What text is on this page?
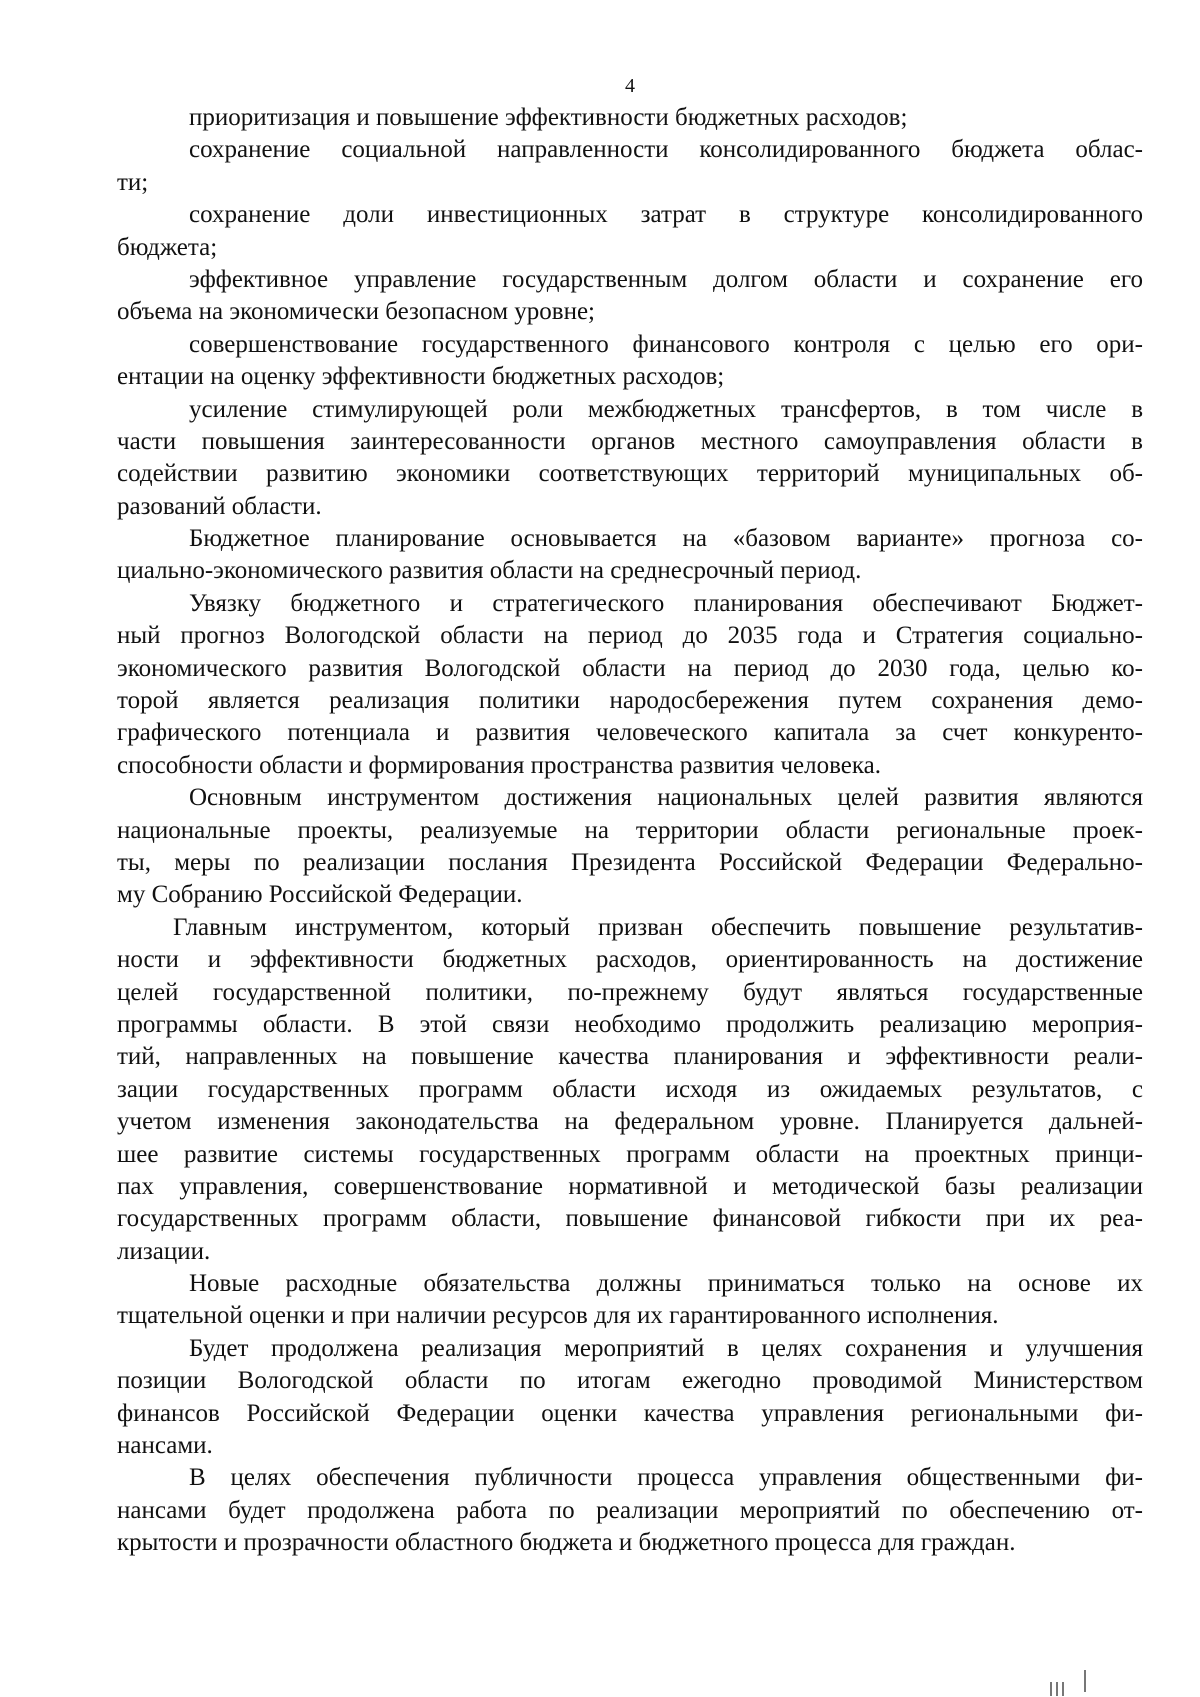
4
приоритизация и повышение эффективности бюджетных расходов;
сохранение социальной направленности консолидированного бюджета облас-
ти;
сохранение доли инвестиционных затрат в структуре консолидированного
бюджета;
эффективное управление государственным долгом области и сохранение его
объема на экономически безопасном уровне;
совершенствование государственного финансового контроля с целью его ори-
ентации на оценку эффективности бюджетных расходов;
усиление стимулирующей роли межбюджетных трансфертов, в том числе в
части повышения заинтересованности органов местного самоуправления области в
содействии развитию экономики соответствующих территорий муниципальных об-
разований области.
Бюджетное планирование основывается на «базовом варианте» прогноза со-
циально-экономического развития области на среднесрочный период.
Увязку бюджетного и стратегического планирования обеспечивают Бюджет-
ный прогноз Вологодской области на период до 2035 года и Стратегия социально-
экономического развития Вологодской области на период до 2030 года, целью ко-
торой является реализация политики народосбережения путем сохранения демо-
графического потенциала и развития человеческого капитала за счет конкуренто-
способности области и формирования пространства развития человека.
Основным инструментом достижения национальных целей развития являются
национальные проекты, реализуемые на территории области региональные проек-
ты, меры по реализации послания Президента Российской Федерации Федерально-
му Собранию Российской Федерации.
Главным инструментом, который призван обеспечить повышение результатив-
ности и эффективности бюджетных расходов, ориентированность на достижение
целей государственной политики, по-прежнему будут являться государственные
программы области. В этой связи необходимо продолжить реализацию мероприя-
тий, направленных на повышение качества планирования и эффективности реали-
зации государственных программ области исходя из ожидаемых результатов, с
учетом изменения законодательства на федеральном уровне. Планируется дальней-
шее развитие системы государственных программ области на проектных принци-
пах управления, совершенствование нормативной и методической базы реализации
государственных программ области, повышение финансовой гибкости при их реа-
лизации.
Новые расходные обязательства должны приниматься только на основе их
тщательной оценки и при наличии ресурсов для их гарантированного исполнения.
Будет продолжена реализация мероприятий в целях сохранения и улучшения
позиции Вологодской области по итогам ежегодно проводимой Министерством
финансов Российской Федерации оценки качества управления региональными фи-
нансами.
В целях обеспечения публичности процесса управления общественными фи-
нансами будет продолжена работа по реализации мероприятий по обеспечению от-
крытости и прозрачности областного бюджета и бюджетного процесса для граждан.
